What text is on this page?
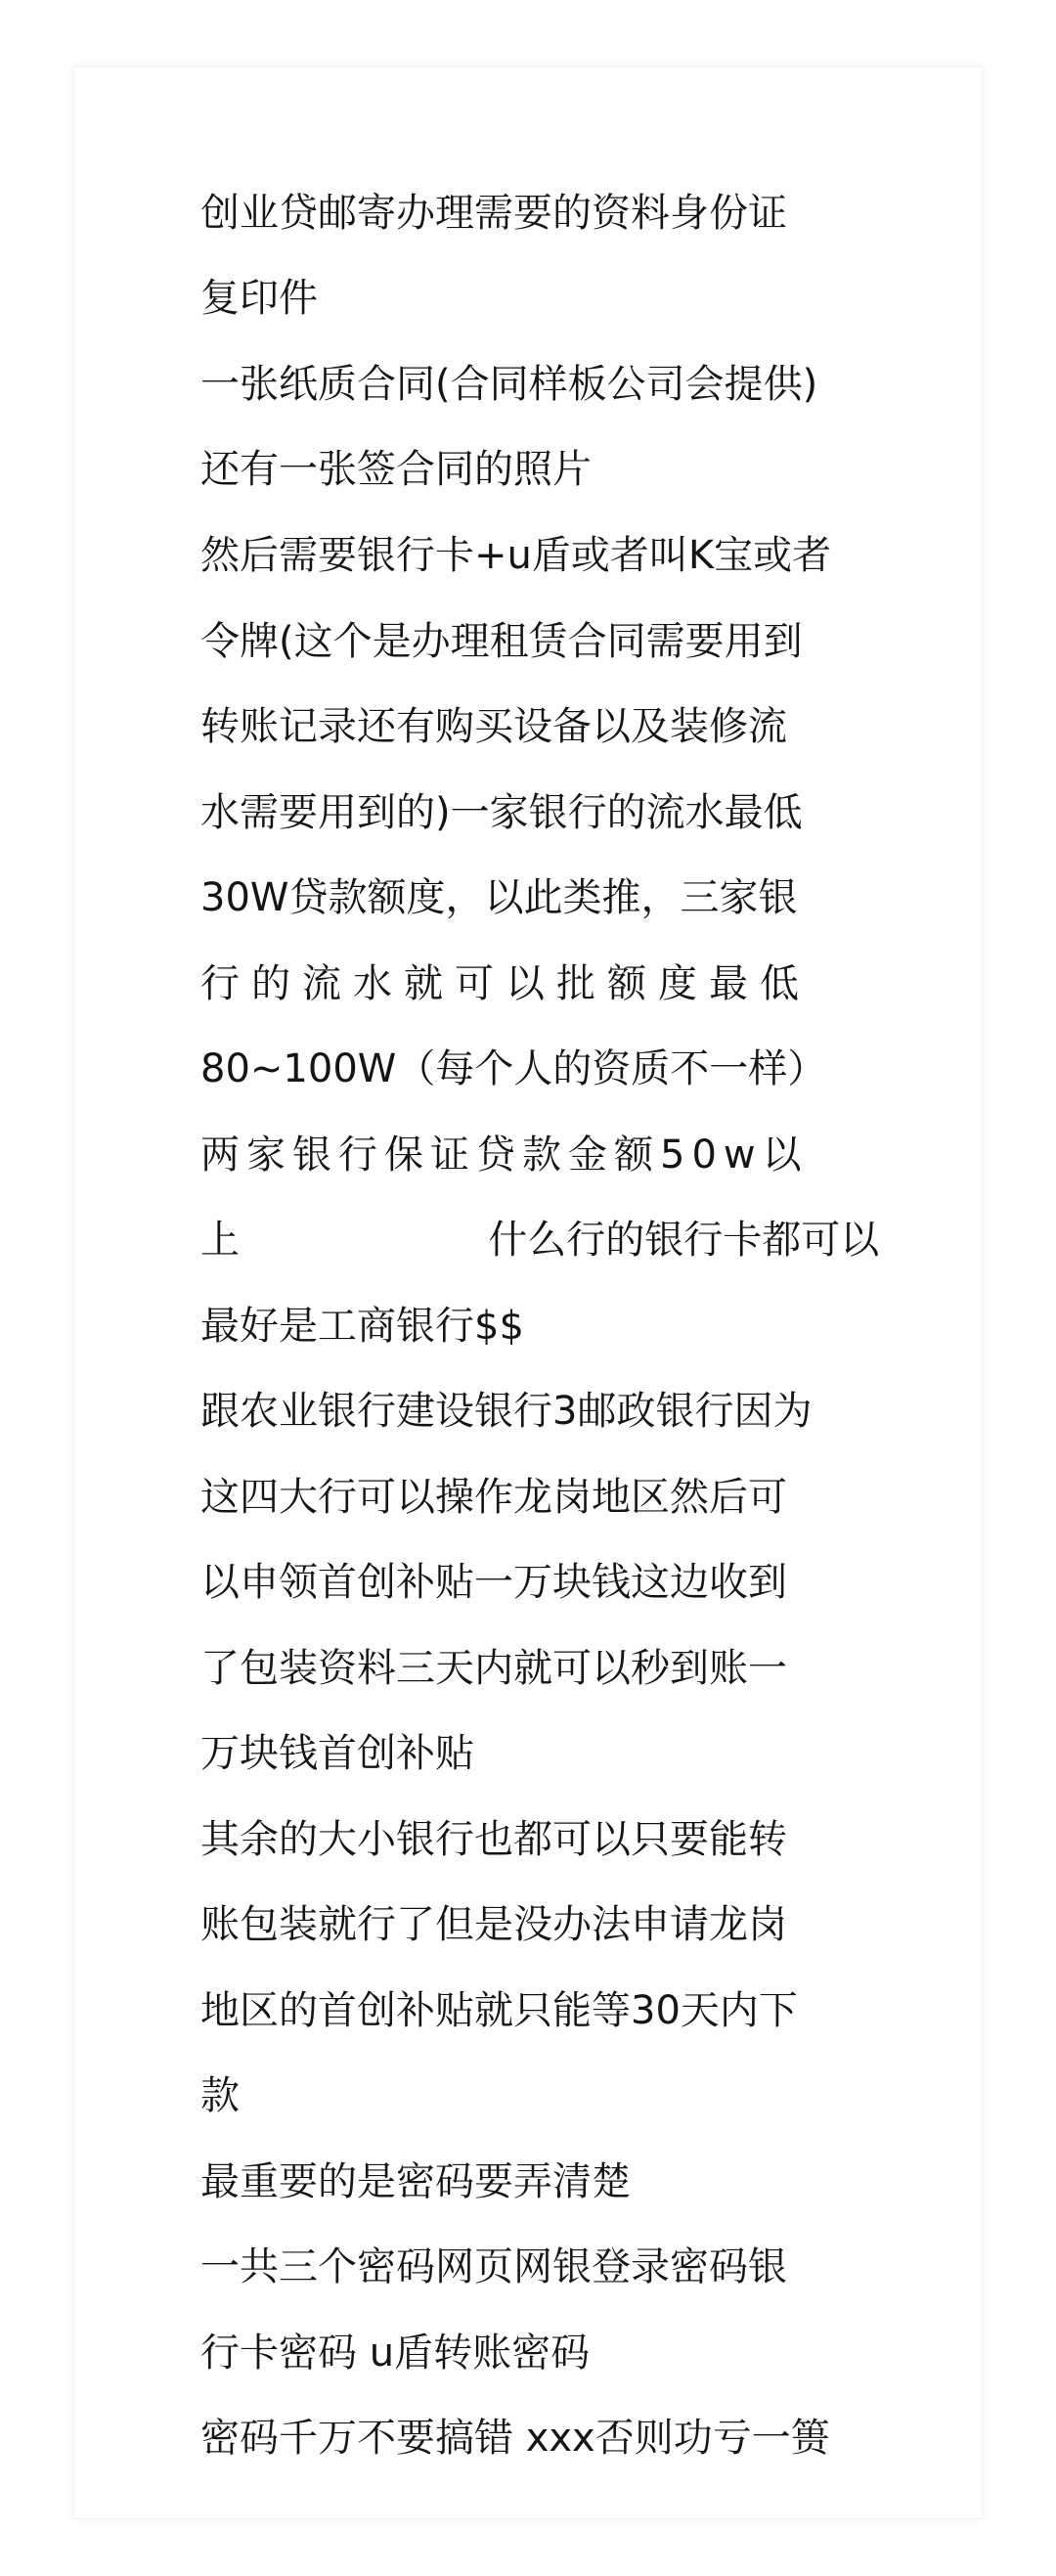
创业贷邮寄办理需要的资料身份证

复印件

一张纸质合同(合同样板公司会提供)

还有一张签合同的照片

然后需要银行卡+u盾或者叫K宝或者

令牌(这个是办理租赁合同需要用到

转账记录还有购买设备以及装修流

水需要用到的)一家银行的流水最低

30W贷款额度，以此类推，三家银

行的流水就可以批额度最低

80~100W（每个人的资质不一样）

两家银行保证贷款金额50w以

上                    什么行的银行卡都可以

最好是工商银行$$

跟农业银行建设银行3邮政银行因为

这四大行可以操作龙岗地区然后可

以申领首创补贴一万块钱这边收到

了包装资料三天内就可以秒到账一

万块钱首创补贴

其余的大小银行也都可以只要能转

账包装就行了但是没办法申请龙岗

地区的首创补贴就只能等30天内下

款

最重要的是密码要弄清楚

一共三个密码网页网银登录密码银

行卡密码 u盾转账密码

密码千万不要搞错 xxx否则功亏一篑
